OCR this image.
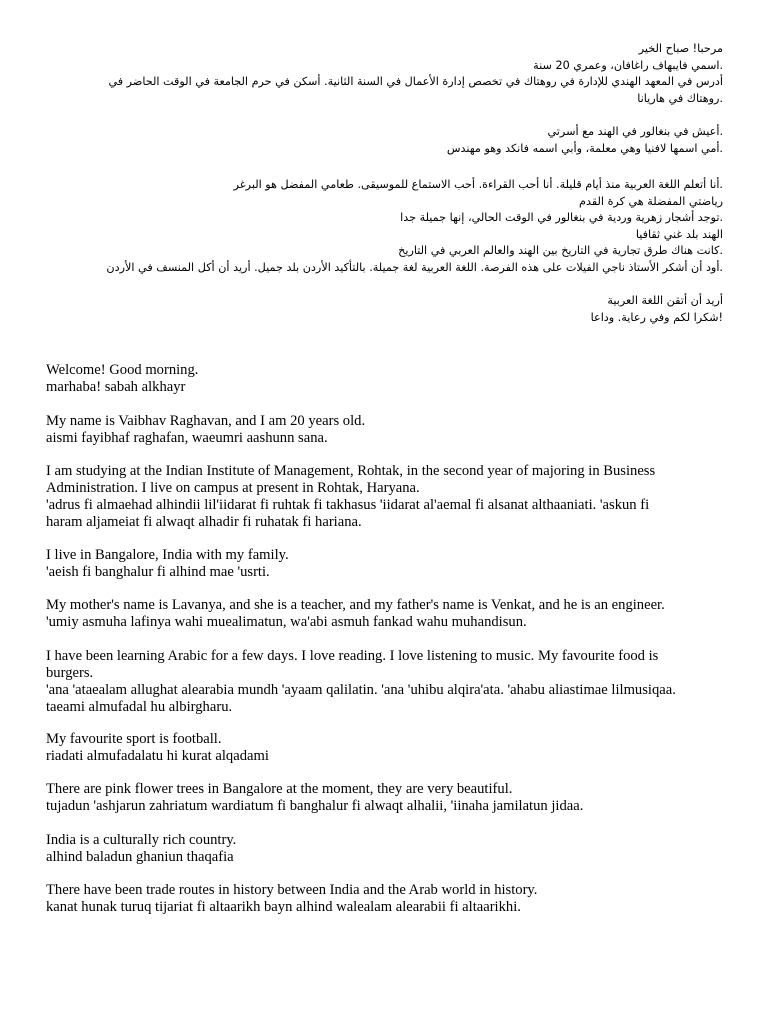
مرحبا! صباح الخير
.اسمي فايبهاف راغافان، وعمري 20 سنة
أدرس في المعهد الهندي للإدارة في روهتاك في تخصص إدارة الأعمال في السنة الثانية. أسكن في حرم الجامعة في الوقت الحاضر في
.روهتاك في هاريانا
.أعيش في بنغالور في الهند مع أسرتي
.أمي اسمها لافنيا وهي معلمة، وأبي اسمه فانكد وهو مهندس
.أنا أتعلم اللغة العربية منذ أيام قليلة. أنا أحب القراءة. أحب الاستماع للموسيقى. طعامي المفضل هو البرغر
رياضتي المفضلة هي كرة القدم
.توجد أشجار زهرية وردية في بنغالور في الوقت الحالي، إنها جميلة جدا
الهند بلد غني ثقافيا
.كانت هناك طرق تجارية في التاريخ بين الهند والعالم العربي في التاريخ
.أود أن أشكر الأستاذ ناجي الفيلات على هذه الفرصة. اللغة العربية لغة جميلة. بالتأكيد الأردن بلد جميل. أريد أن أكل المنسف في الأردن
أريد أن أتقن اللغة العربية
!شكرا لكم وفي رعاية. وداعا
Welcome! Good morning.
marhaba! sabah alkhayr
My name is Vaibhav Raghavan, and I am 20 years old.
aismi fayibhaf raghafan, waeumri aashunn sana.
I am studying at the Indian Institute of Management, Rohtak, in the second year of majoring in Business
Administration. I live on campus at present in Rohtak, Haryana.
'adrus fi almaehad alhindii lil'iidarat fi ruhtak fi takhasus 'iidarat al'aemal fi alsanat althaaniati. 'askun fi
haram aljameiat fi alwaqt alhadir fi ruhatak fi hariana.
I live in Bangalore, India with my family.
'aeish fi banghalur fi alhind mae 'usrti.
My mother's name is Lavanya, and she is a teacher, and my father's name is Venkat, and he is an engineer.
'umiy asmuha lafinya wahi muealimatun, wa'abi asmuh fankad wahu muhandisun.
I have been learning Arabic for a few days. I love reading. I love listening to music. My favourite food is
burgers.
'ana 'ataealam allughat alearabia mundh 'ayaam qalilatin. 'ana 'uhibu alqira'ata. 'ahabu aliastimae lilmusiqaa.
taeami almufadal hu albirgharu.
My favourite sport is football.
riadati almufadalatu hi kurat alqadami
There are pink flower trees in Bangalore at the moment, they are very beautiful.
tujadun 'ashjarun zahriatum wardiatum fi banghalur fi alwaqt alhalii, 'iinaha jamilatun jidaa.
India is a culturally rich country.
alhind baladun ghaniun thaqafia
There have been trade routes in history between India and the Arab world in history.
kanat hunak turuq tijariat fi altaarikh bayn alhind walealam alearabii fi altaarikhi.
